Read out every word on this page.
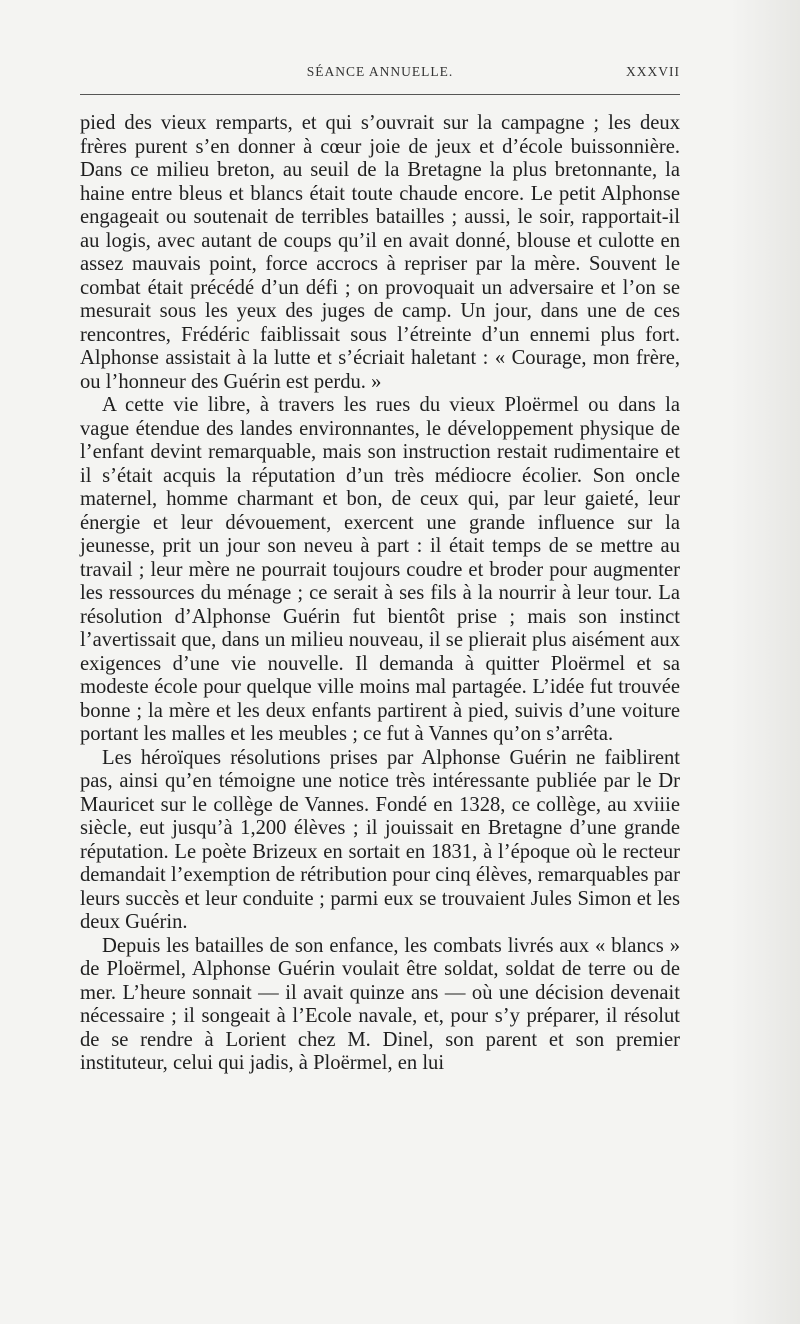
SÉANCE ANNUELLE.	XXXVII

pied des vieux remparts, et qui s’ouvrait sur la campagne ; les deux frères purent s’en donner à cœur joie de jeux et d’école buissonnière. Dans ce milieu breton, au seuil de la Bretagne la plus bretonnante, la haine entre bleus et blancs était toute chaude encore. Le petit Alphonse engageait ou soutenait de terribles batailles ; aussi, le soir, rapportait-il au logis, avec autant de coups qu’il en avait donné, blouse et culotte en assez mauvais point, force accrocs à repriser par la mère. Souvent le combat était précédé d’un défi ; on provoquait un adversaire et l’on se mesurait sous les yeux des juges de camp. Un jour, dans une de ces rencontres, Frédéric faiblissait sous l’étreinte d’un ennemi plus fort. Alphonse assistait à la lutte et s’écriait haletant : « Courage, mon frère, ou l’honneur des Guérin est perdu. »

A cette vie libre, à travers les rues du vieux Ploërmel ou dans la vague étendue des landes environnantes, le développement physique de l’enfant devint remarquable, mais son instruction restait rudimentaire et il s’était acquis la réputation d’un très médiocre écolier. Son oncle maternel, homme charmant et bon, de ceux qui, par leur gaieté, leur énergie et leur dévouement, exercent une grande influence sur la jeunesse, prit un jour son neveu à part : il était temps de se mettre au travail ; leur mère ne pourrait toujours coudre et broder pour augmenter les ressources du ménage ; ce serait à ses fils à la nourrir à leur tour. La résolution d’Alphonse Guérin fut bientôt prise ; mais son instinct l’avertissait que, dans un milieu nouveau, il se plierait plus aisément aux exigences d’une vie nouvelle. Il demanda à quitter Ploërmel et sa modeste école pour quelque ville moins mal partagée. L’idée fut trouvée bonne ; la mère et les deux enfants partirent à pied, suivis d’une voiture portant les malles et les meubles ; ce fut à Vannes qu’on s’arrêta.

Les héroïques résolutions prises par Alphonse Guérin ne faiblirent pas, ainsi qu’en témoigne une notice très intéressante publiée par le Dr Mauricet sur le collège de Vannes. Fondé en 1328, ce collège, au xviiie siècle, eut jusqu’à 1,200 élèves ; il jouissait en Bretagne d’une grande réputation. Le poète Brizeux en sortait en 1831, à l’époque où le recteur demandait l’exemption de rétribution pour cinq élèves, remarquables par leurs succès et leur conduite ; parmi eux se trouvaient Jules Simon et les deux Guérin.

Depuis les batailles de son enfance, les combats livrés aux « blancs » de Ploërmel, Alphonse Guérin voulait être soldat, soldat de terre ou de mer. L’heure sonnait — il avait quinze ans — où une décision devenait nécessaire ; il songeait à l’Ecole navale, et, pour s’y préparer, il résolut de se rendre à Lorient chez M. Dinel, son parent et son premier instituteur, celui qui jadis, à Ploërmel, en lui
